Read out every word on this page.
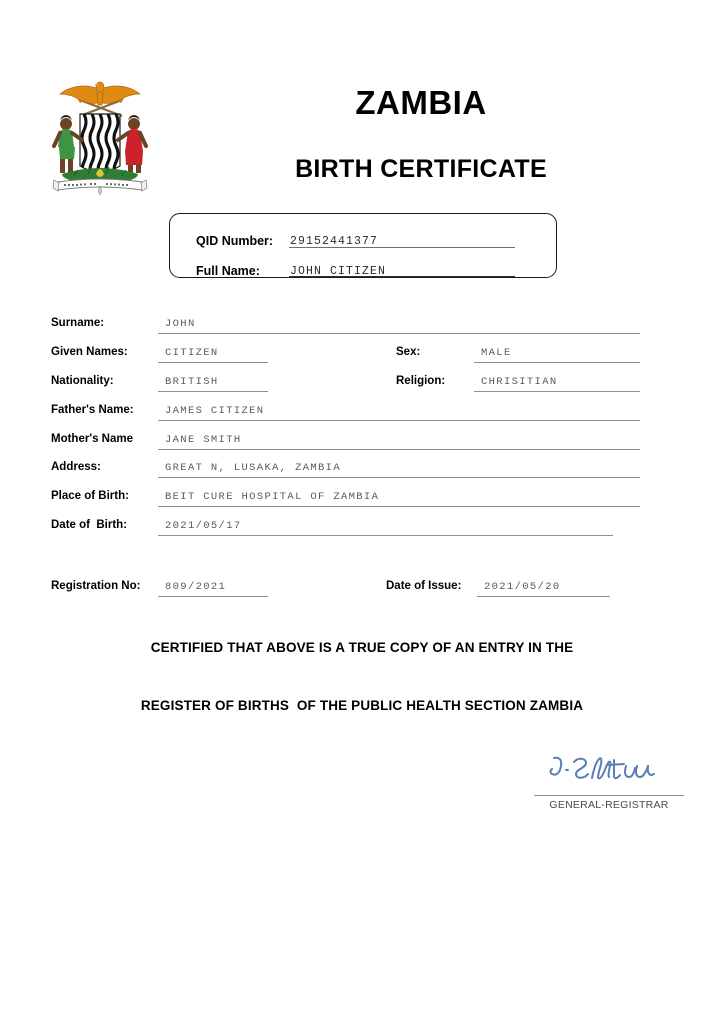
ZAMBIA
BIRTH CERTIFICATE
QID Number: 29152441377
Full Name:	JOHN CITIZEN
Surname:	JOHN
Given Names:	CITIZEN
Nationality:	BRITISH
Father's Name:	JAMES CITIZEN
Mother's Name	JANE SMITH
Address:	GREAT N, LUSAKA, ZAMBIA
Place of Birth:	BEIT CURE HOSPITAL OF ZAMBIA
Date of  Birth:	2021/05/17
Sex:	MALE
Religion:	CHRISITIAN
Registration No: 809/2021	Date of Issue: 2021/05/20
CERTIFIED THAT ABOVE IS A TRUE COPY OF AN ENTRY IN THE
REGISTER OF BIRTHS  OF THE PUBLIC HEALTH SECTION ZAMBIA
GENERAL-REGISTRAR
